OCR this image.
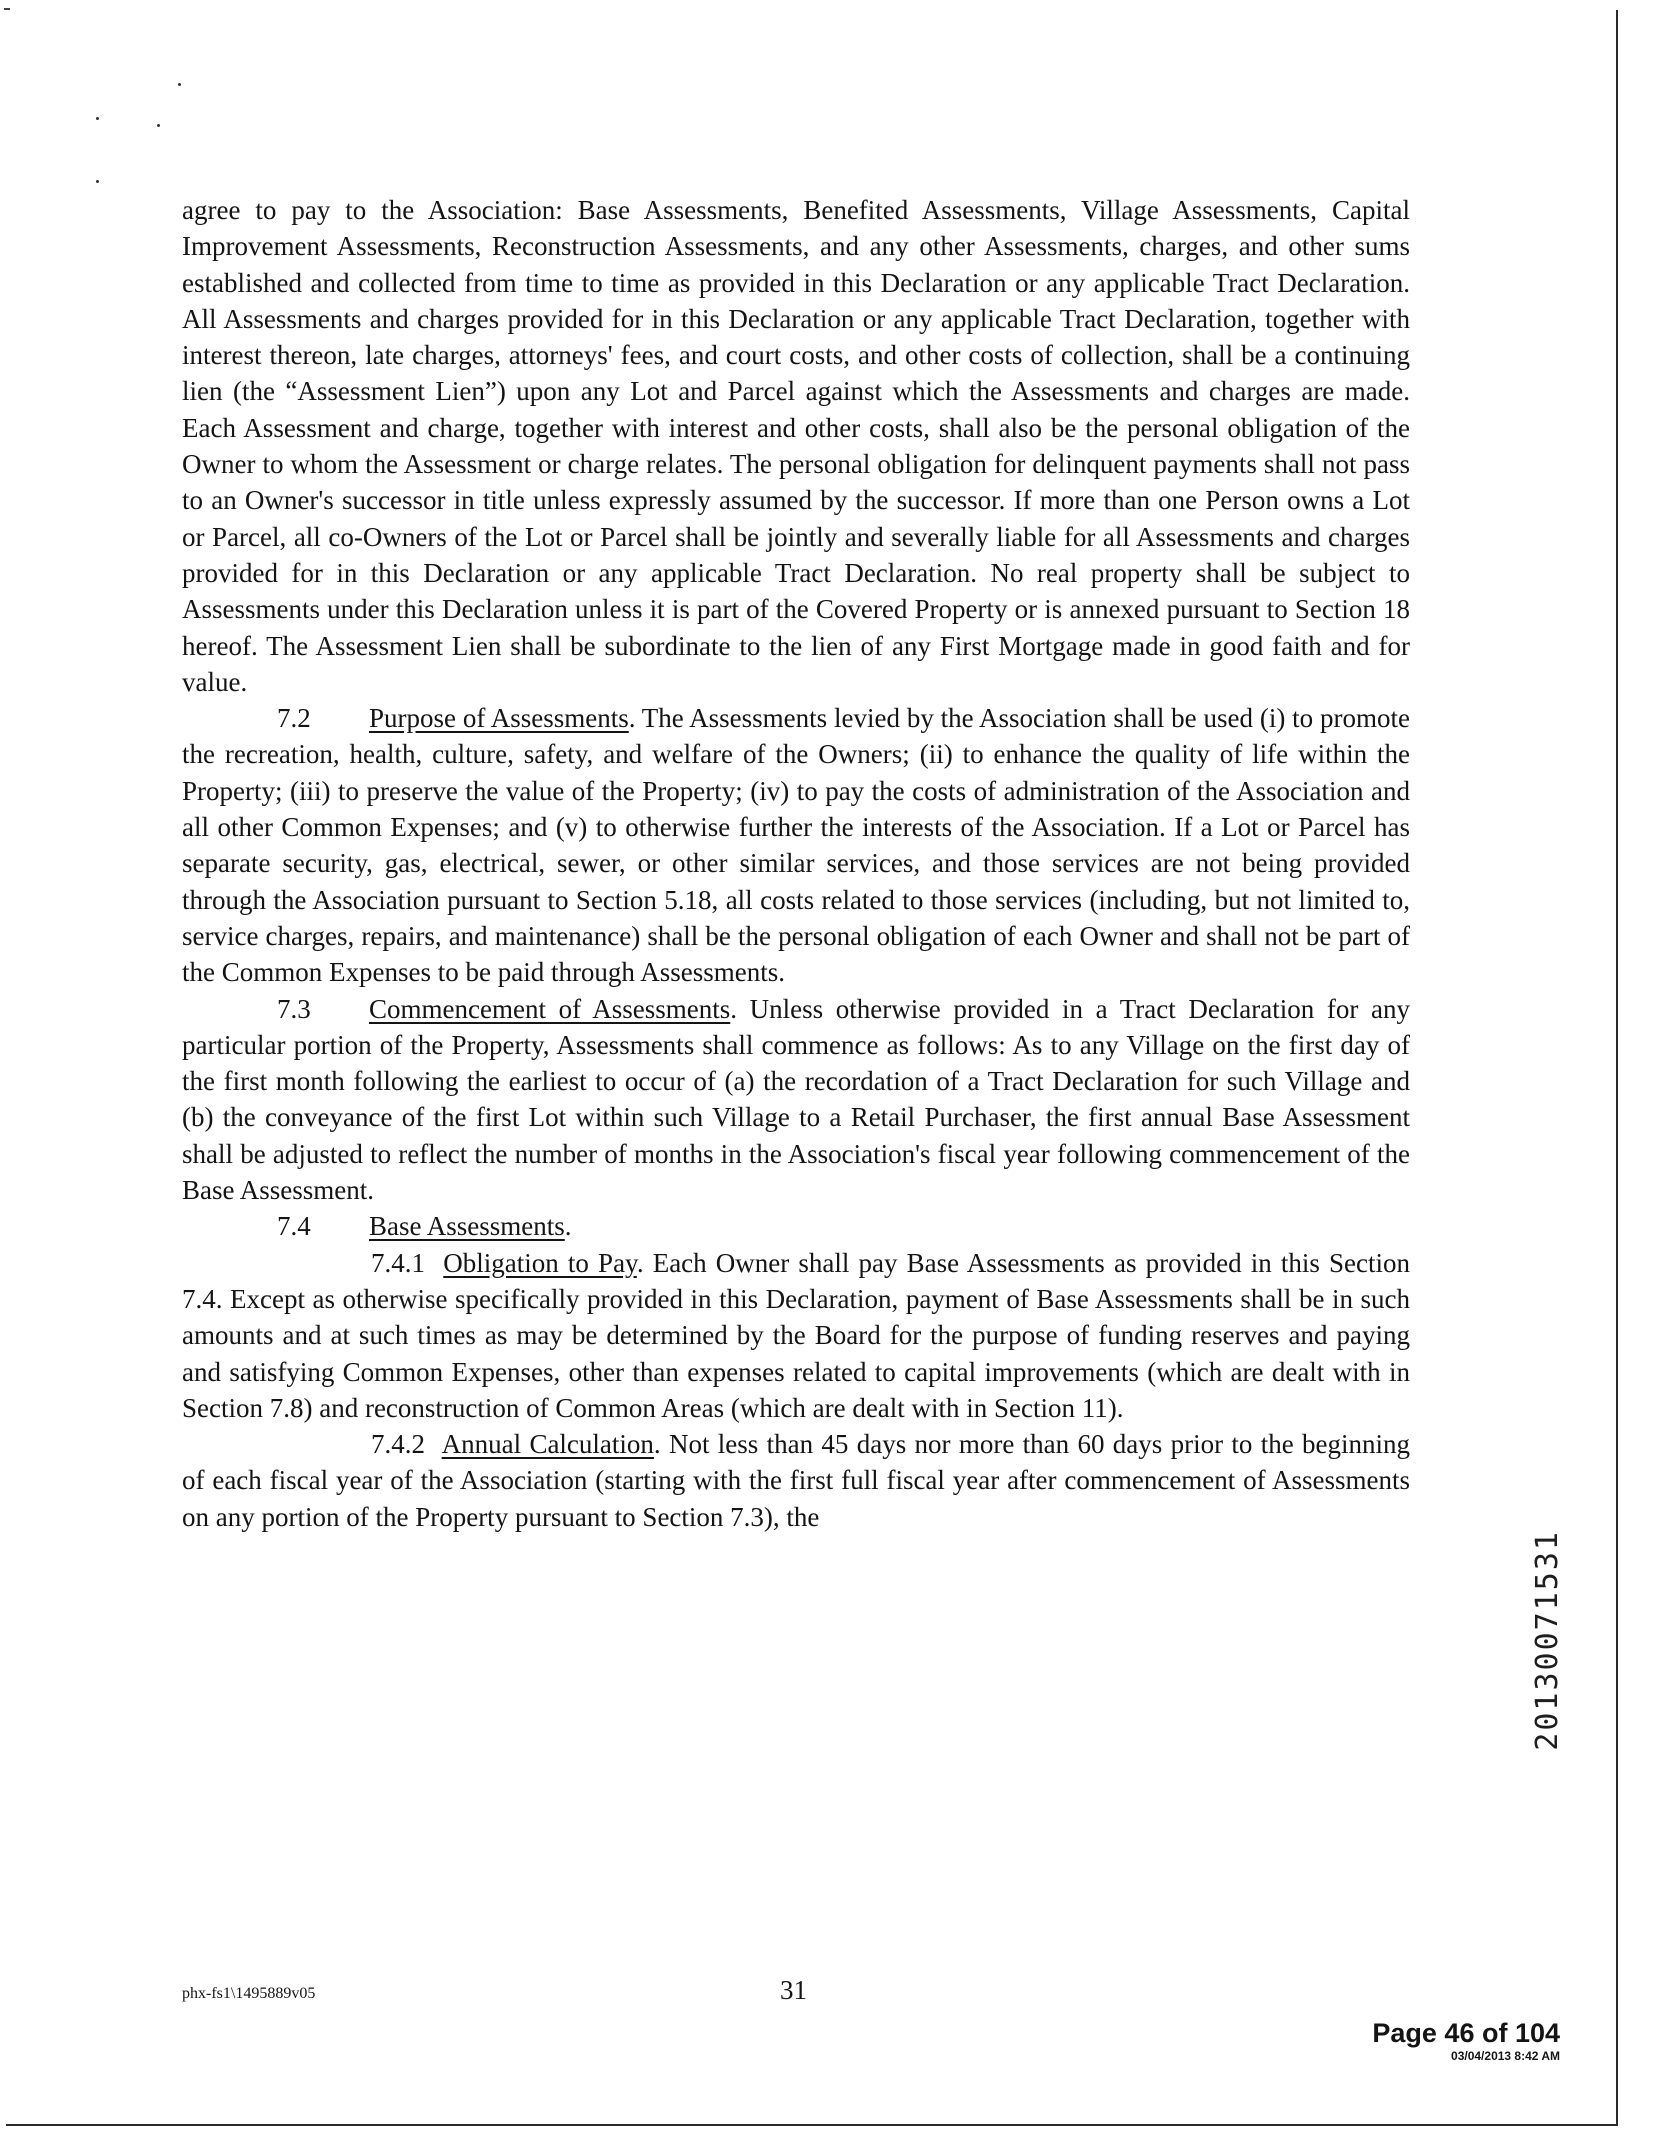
agree to pay to the Association: Base Assessments, Benefited Assessments, Village Assessments, Capital Improvement Assessments, Reconstruction Assessments, and any other Assessments, charges, and other sums established and collected from time to time as provided in this Declaration or any applicable Tract Declaration. All Assessments and charges provided for in this Declaration or any applicable Tract Declaration, together with interest thereon, late charges, attorneys' fees, and court costs, and other costs of collection, shall be a continuing lien (the “Assessment Lien”) upon any Lot and Parcel against which the Assessments and charges are made. Each Assessment and charge, together with interest and other costs, shall also be the personal obligation of the Owner to whom the Assessment or charge relates. The personal obligation for delinquent payments shall not pass to an Owner's successor in title unless expressly assumed by the successor. If more than one Person owns a Lot or Parcel, all co-Owners of the Lot or Parcel shall be jointly and severally liable for all Assessments and charges provided for in this Declaration or any applicable Tract Declaration. No real property shall be subject to Assessments under this Declaration unless it is part of the Covered Property or is annexed pursuant to Section 18 hereof. The Assessment Lien shall be subordinate to the lien of any First Mortgage made in good faith and for value.

7.2 Purpose of Assessments. The Assessments levied by the Association shall be used (i) to promote the recreation, health, culture, safety, and welfare of the Owners; (ii) to enhance the quality of life within the Property; (iii) to preserve the value of the Property; (iv) to pay the costs of administration of the Association and all other Common Expenses; and (v) to otherwise further the interests of the Association. If a Lot or Parcel has separate security, gas, electrical, sewer, or other similar services, and those services are not being provided through the Association pursuant to Section 5.18, all costs related to those services (including, but not limited to, service charges, repairs, and maintenance) shall be the personal obligation of each Owner and shall not be part of the Common Expenses to be paid through Assessments.

7.3 Commencement of Assessments. Unless otherwise provided in a Tract Declaration for any particular portion of the Property, Assessments shall commence as follows: As to any Village on the first day of the first month following the earliest to occur of (a) the recordation of a Tract Declaration for such Village and (b) the conveyance of the first Lot within such Village to a Retail Purchaser, the first annual Base Assessment shall be adjusted to reflect the number of months in the Association's fiscal year following commencement of the Base Assessment.

7.4 Base Assessments.

7.4.1 Obligation to Pay. Each Owner shall pay Base Assessments as provided in this Section 7.4. Except as otherwise specifically provided in this Declaration, payment of Base Assessments shall be in such amounts and at such times as may be determined by the Board for the purpose of funding reserves and paying and satisfying Common Expenses, other than expenses related to capital improvements (which are dealt with in Section 7.8) and reconstruction of Common Areas (which are dealt with in Section 11).

7.4.2 Annual Calculation. Not less than 45 days nor more than 60 days prior to the beginning of each fiscal year of the Association (starting with the first full fiscal year after commencement of Assessments on any portion of the Property pursuant to Section 7.3), the

20130071531
phx-fs1\1495889v05	31
Page 46 of 104
03/04/2013 8:42 AM
